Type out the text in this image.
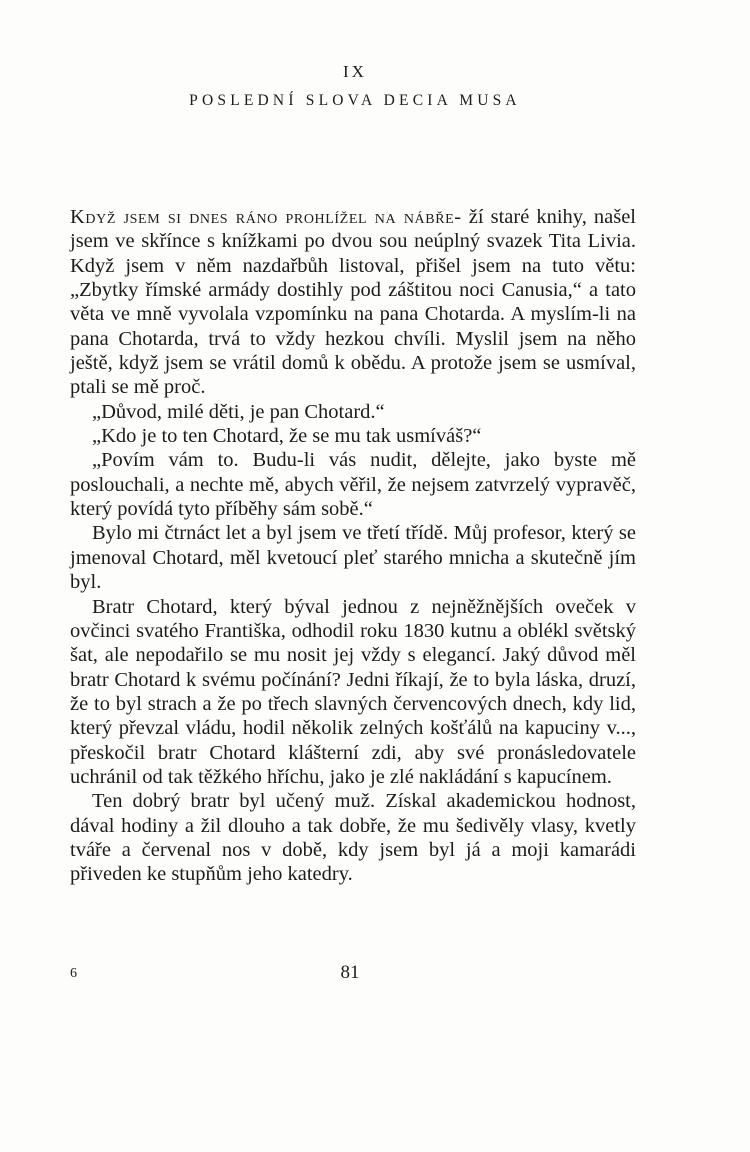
IX
POSLEDNÍ SLOVA DECIA MUSA

Když jsem si dnes ráno prohlížel na nábře- ží staré knihy, našel jsem ve skřínce s knížkami po dvou sou neúplný svazek Tita Livia. Když jsem v něm nazdařbůh listoval, přišel jsem na tuto větu: „Zbytky římské armády dostihly pod záštitou noci Canusia,“ a tato věta ve mně vyvolala vzpomínku na pana Chotarda. A myslím-li na pana Chotarda, trvá to vždy hezkou chvíli. Myslil jsem na něho ještě, když jsem se vrátil domů k obědu. A protože jsem se usmíval, ptali se mě proč.

„Důvod, milé děti, je pan Chotard.“

„Kdo je to ten Chotard, že se mu tak usmíváš?“

„Povím vám to. Budu-li vás nudit, dělejte, jako byste mě poslouchali, a nechte mě, abych věřil, že nejsem zatvrzelý vypravěč, který povídá tyto příběhy sám sobě.“

Bylo mi čtrnáct let a byl jsem ve třetí třídě. Můj profesor, který se jmenoval Chotard, měl kvetoucí pleť starého mnicha a skutečně jím byl.

Bratr Chotard, který býval jednou z nejněžnějších oveček v ovčinci svatého Františka, odhodil roku 1830 kutnu a oblékl světský šat, ale nepodařilo se mu nosit jej vždy s elegancí. Jaký důvod měl bratr Chotard k svému počínání? Jedni říkají, že to byla láska, druzí, že to byl strach a že po třech slavných červencových dnech, kdy lid, který převzal vládu, hodil několik zelných košťálů na kapuciny v..., přeskočil bratr Chotard klášterní zdi, aby své pronásledovatele uchránil od tak těžkého hříchu, jako je zlé nakládání s kapucínem.

Ten dobrý bratr byl učený muž. Získal akademickou hodnost, dával hodiny a žil dlouho a tak dobře, že mu šedivěly vlasy, kvetly tváře a červenal nos v době, kdy jsem byl já a moji kamarádi přiveden ke stupňům jeho katedry.

6	81
